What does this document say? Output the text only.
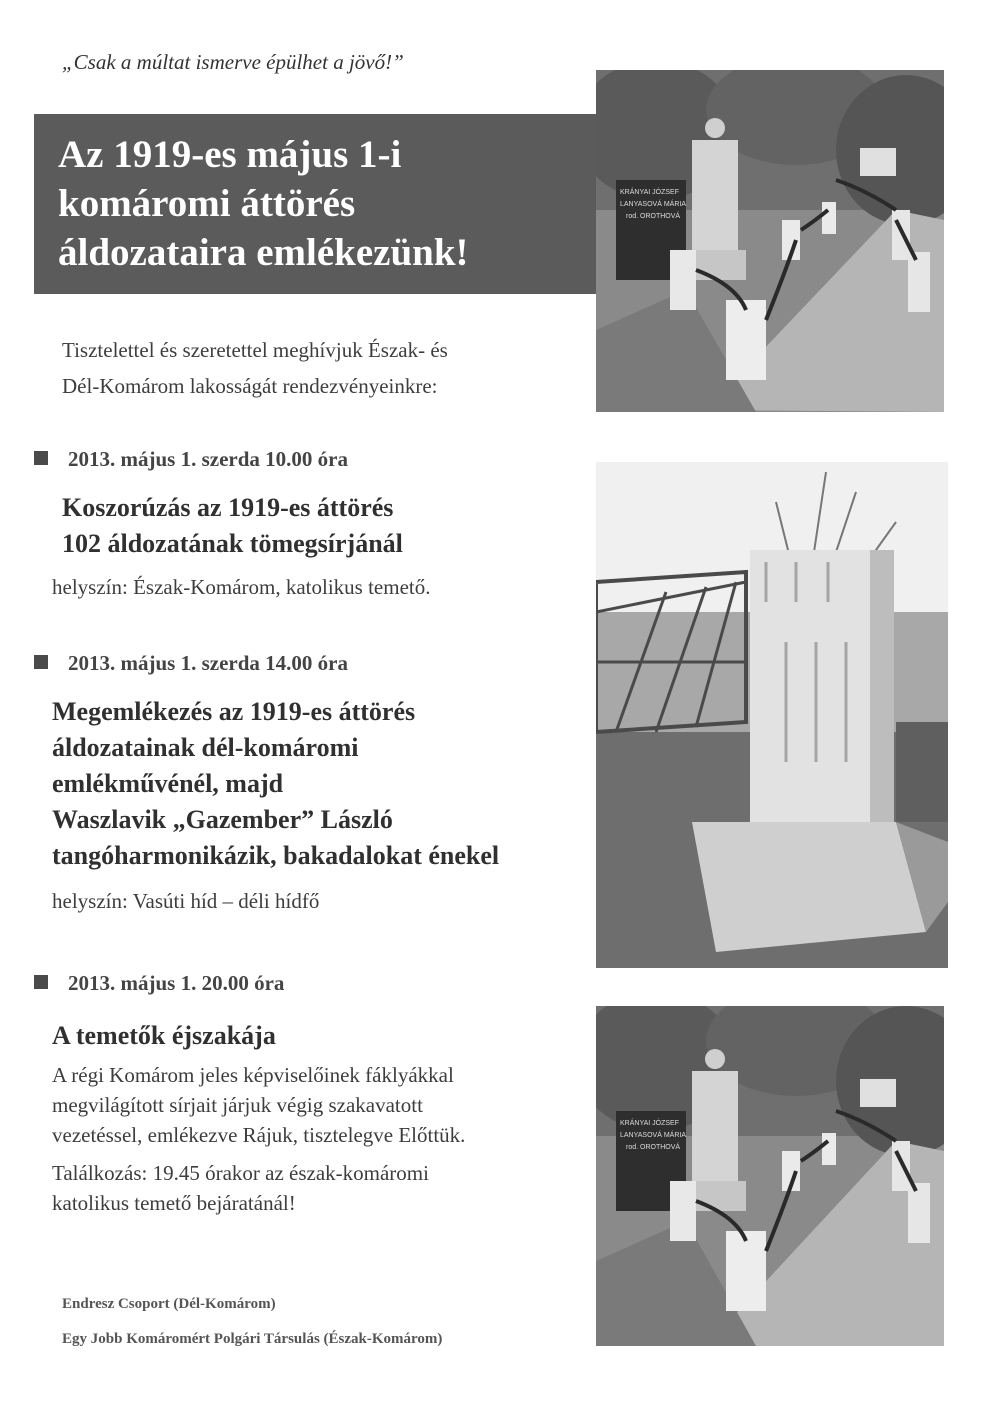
„Csak a múltat ismerve épülhet a jövő!”
Az 1919-es május 1-i
komáromi áttörés
áldozataira emlékezünk!
Tisztelettel és szeretettel meghívjuk Észak- és
Dél-Komárom lakosságát rendezvényeinkre:
2013. május 1. szerda 10.00 óra
Koszorúzás az 1919-es áttörés
102 áldozatának tömegsírjánál
helyszín: Észak-Komárom, katolikus temető.
2013. május 1. szerda 14.00 óra
Megemlékezés az 1919-es áttörés
áldozatainak dél-komáromi
emlékművénél, majd
Waszlavik „Gazember” László
tangóharmonikázik, bakadalokat énekel
helyszín: Vasúti híd – déli hídfő
2013. május 1. 20.00 óra
A temetők éjszakája
A régi Komárom jeles képviselőinek fáklyákkal
megvilágított sírjait járjuk végig szakavatott
vezetéssel, emlékezve Rájuk, tisztelegve Előttük.
Találkozás: 19.45 órakor az észak-komáromi
katolikus temető bejáratánál!
Endresz Csoport (Dél-Komárom)
Egy Jobb Komáromért Polgári Társulás (Észak-Komárom)
KRÁNYAI JÓZSEF
LANYASOVÁ MÁRIA
rod. OROTHOVÁ
KRÁNYAI JÓZSEF
LANYASOVÁ MÁRIA
rod. OROTHOVÁ
